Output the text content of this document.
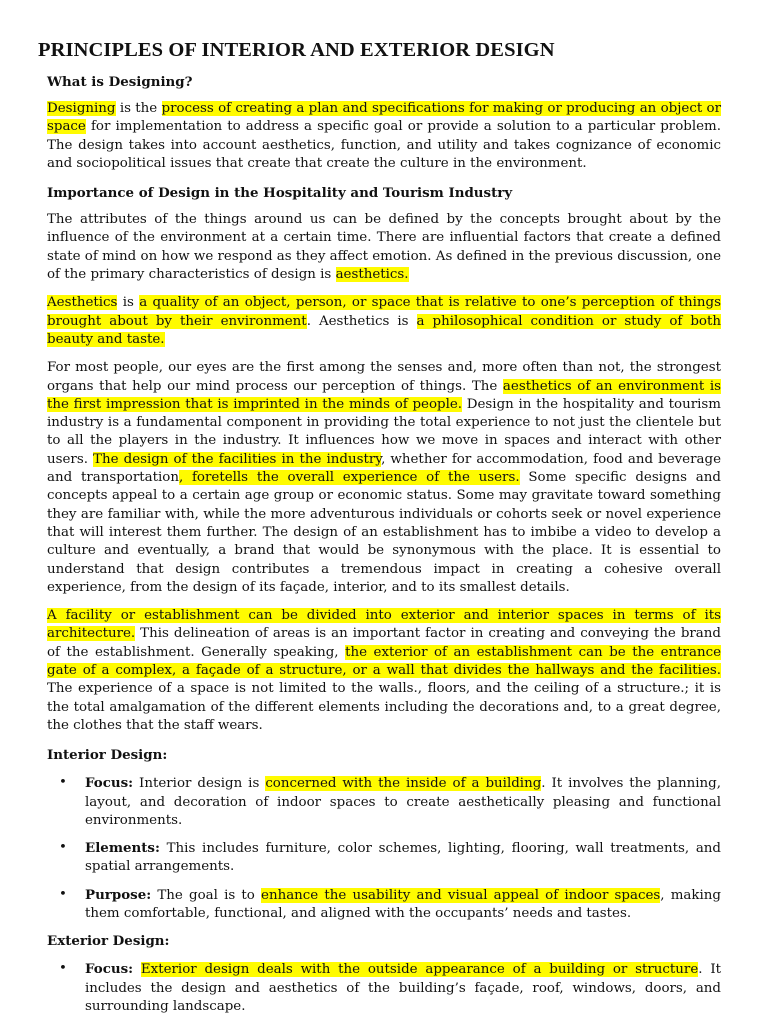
PRINCIPLES OF INTERIOR AND EXTERIOR DESIGN
What is Designing?

Designing is the process of creating a plan and specifications for making or producing an object or space for implementation to address a specific goal or provide a solution to a particular problem. The design takes into account aesthetics, function, and utility and takes cognizance of economic and sociopolitical issues that create that create the culture in the environment.

Importance of Design in the Hospitality and Tourism Industry

The attributes of the things around us can be defined by the concepts brought about by the influence of the environment at a certain time. There are influential factors that create a defined state of mind on how we respond as they affect emotion. As defined in the previous discussion, one of the primary characteristics of design is aesthetics.

Aesthetics is a quality of an object, person, or space that is relative to one’s perception of things brought about by their environment. Aesthetics is a philosophical condition or study of both beauty and taste.

For most people, our eyes are the first among the senses and, more often than not, the strongest organs that help our mind process our perception of things. The aesthetics of an environment is the first impression that is imprinted in the minds of people. Design in the hospitality and tourism industry is a fundamental component in providing the total experience to not just the clientele but to all the players in the industry. It influences how we move in spaces and interact with other users. The design of the facilities in the industry, whether for accommodation, food and beverage and transportation, foretells the overall experience of the users. Some specific designs and concepts appeal to a certain age group or economic status. Some may gravitate toward something they are familiar with, while the more adventurous individuals or cohorts seek or novel experience that will interest them further. The design of an establishment has to imbibe a video to develop a culture and eventually, a brand that would be synonymous with the place. It is essential to understand that design contributes a tremendous impact in creating a cohesive overall experience, from the design of its façade, interior, and to its smallest details.

A facility or establishment can be divided into exterior and interior spaces in terms of its architecture. This delineation of areas is an important factor in creating and conveying the brand of the establishment. Generally speaking, the exterior of an establishment can be the entrance gate of a complex, a façade of a structure, or a wall that divides the hallways and the facilities. The experience of a space is not limited to the walls., floors, and the ceiling of a structure.; it is the total amalgamation of the different elements including the decorations and, to a great degree, the clothes that the staff wears.

Interior Design:
• Focus: Interior design is concerned with the inside of a building. It involves the planning, layout, and decoration of indoor spaces to create aesthetically pleasing and functional environments.
• Elements: This includes furniture, color schemes, lighting, flooring, wall treatments, and spatial arrangements.
• Purpose: The goal is to enhance the usability and visual appeal of indoor spaces, making them comfortable, functional, and aligned with the occupants’ needs and tastes.
Exterior Design:
• Focus: Exterior design deals with the outside appearance of a building or structure. It includes the design and aesthetics of the building’s façade, roof, windows, doors, and surrounding landscape.
